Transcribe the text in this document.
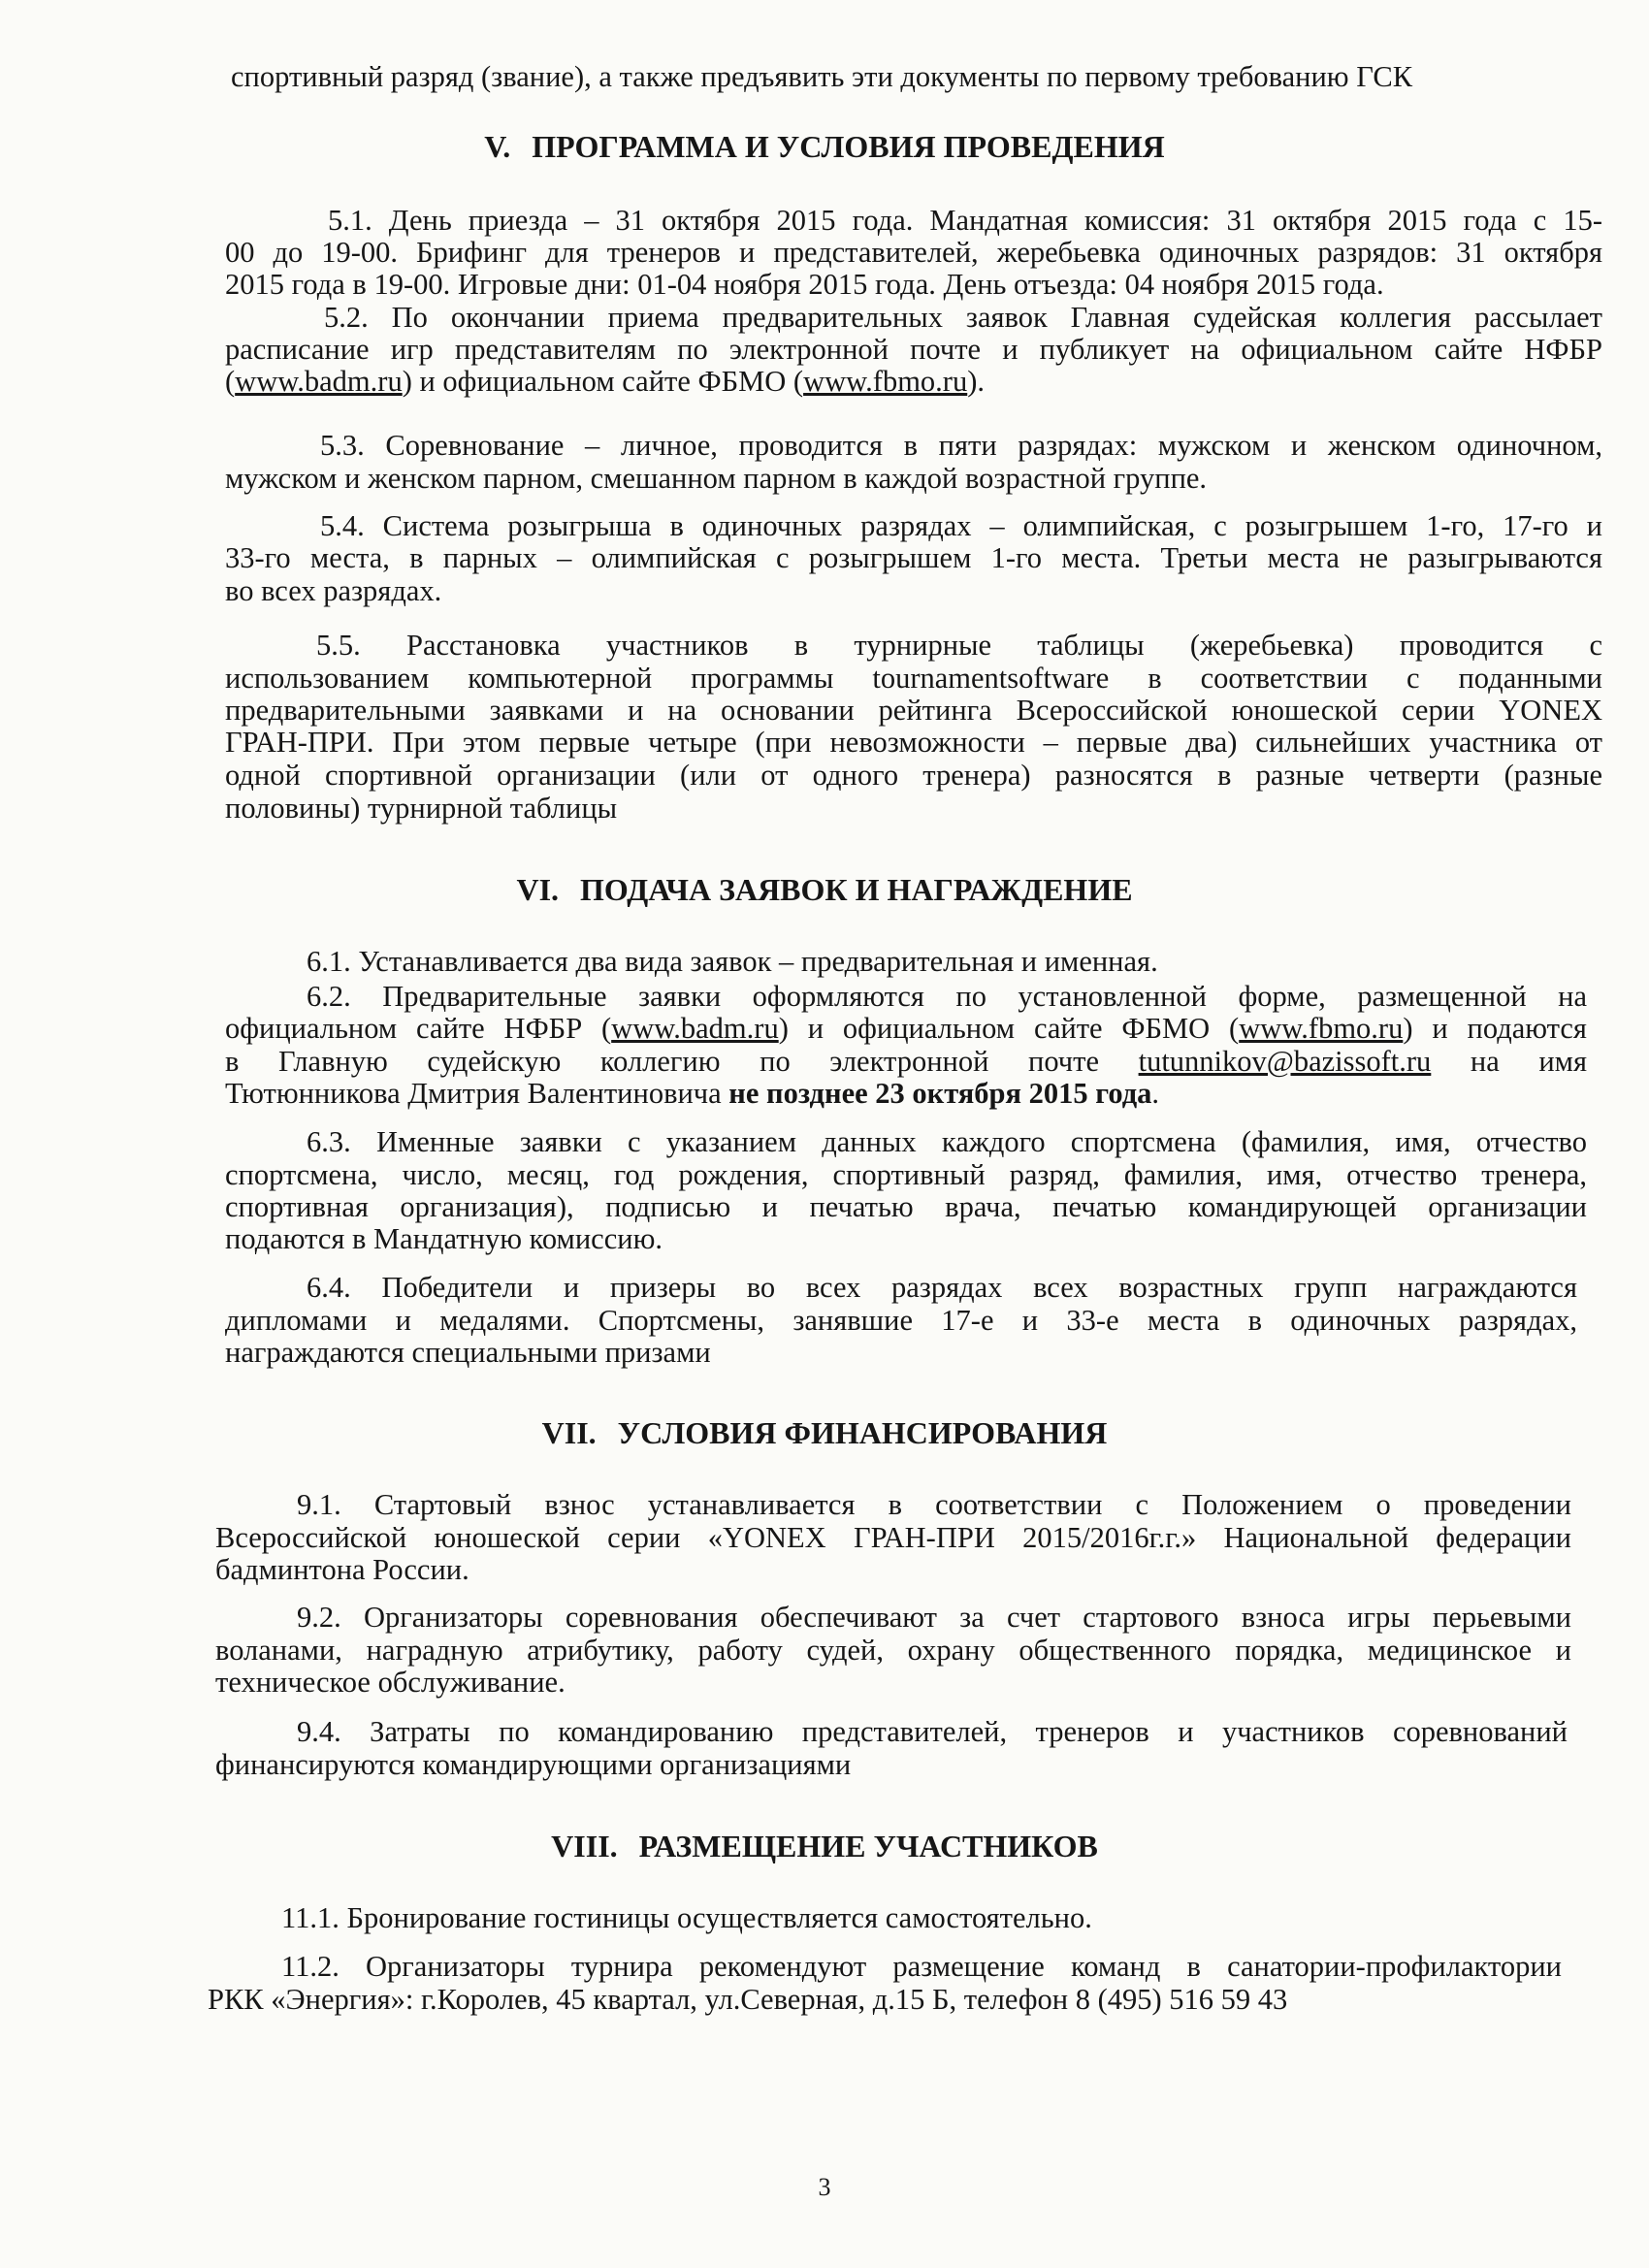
спортивный разряд (звание), а также предъявить эти документы по первому требованию ГСК
V. ПРОГРАММА И УСЛОВИЯ ПРОВЕДЕНИЯ
5.1. День приезда – 31 октября 2015 года. Мандатная комиссия: 31 октября 2015 года с 15-
00 до 19-00. Брифинг для тренеров и представителей, жеребьевка одиночных разрядов: 31 октября
2015 года в 19-00. Игровые дни: 01-04 ноября 2015 года. День отъезда: 04 ноября 2015 года.
5.2. По окончании приема предварительных заявок Главная судейская коллегия рассылает
расписание игр представителям по электронной почте и публикует на официальном сайте НФБР
(www.badm.ru) и официальном сайте ФБМО (www.fbmo.ru).
5.3. Соревнование – личное, проводится в пяти разрядах: мужском и женском одиночном,
мужском и женском парном, смешанном парном в каждой возрастной группе.
5.4. Система розыгрыша в одиночных разрядах – олимпийская, с розыгрышем 1-го, 17-го и
33-го места, в парных – олимпийская с розыгрышем 1-го места. Третьи места не разыгрываются
во всех разрядах.
5.5. Расстановка участников в турнирные таблицы (жеребьевка) проводится с
использованием компьютерной программы tournamentsoftware в соответствии с поданными
предварительными заявками и на основании рейтинга Всероссийской юношеской серии YONEX
ГРАН-ПРИ. При этом первые четыре (при невозможности – первые два) сильнейших участника от
одной спортивной организации (или от одного тренера) разносятся в разные четверти (разные
половины) турнирной таблицы
VI. ПОДАЧА ЗАЯВОК И НАГРАЖДЕНИЕ
6.1. Устанавливается два вида заявок – предварительная и именная.
6.2. Предварительные заявки оформляются по установленной форме, размещенной на
официальном сайте НФБР (www.badm.ru) и официальном сайте ФБМО (www.fbmo.ru) и подаются
в Главную судейскую коллегию по электронной почте tutunnikov@bazissoft.ru на имя
Тютюнникова Дмитрия Валентиновича не позднее 23 октября 2015 года.
6.3. Именные заявки с указанием данных каждого спортсмена (фамилия, имя, отчество
спортсмена, число, месяц, год рождения, спортивный разряд, фамилия, имя, отчество тренера,
спортивная организация), подписью и печатью врача, печатью командирующей организации
подаются в Мандатную комиссию.
6.4. Победители и призеры во всех разрядах всех возрастных групп награждаются
дипломами и медалями. Спортсмены, занявшие 17-е и 33-е места в одиночных разрядах,
награждаются специальными призами
VII. УСЛОВИЯ ФИНАНСИРОВАНИЯ
9.1. Стартовый взнос устанавливается в соответствии с Положением о проведении
Всероссийской юношеской серии «YONEX ГРАН-ПРИ 2015/2016г.г.» Национальной федерации
бадминтона России.
9.2. Организаторы соревнования обеспечивают за счет стартового взноса игры перьевыми
воланами, наградную атрибутику, работу судей, охрану общественного порядка, медицинское и
техническое обслуживание.
9.4. Затраты по командированию представителей, тренеров и участников соревнований
финансируются командирующими организациями
VIII. РАЗМЕЩЕНИЕ УЧАСТНИКОВ
11.1. Бронирование гостиницы осуществляется самостоятельно.
11.2. Организаторы турнира рекомендуют размещение команд в санатории-профилактории
РКК «Энергия»: г.Королев, 45 квартал, ул.Северная, д.15 Б, телефон 8 (495) 516 59 43
3
